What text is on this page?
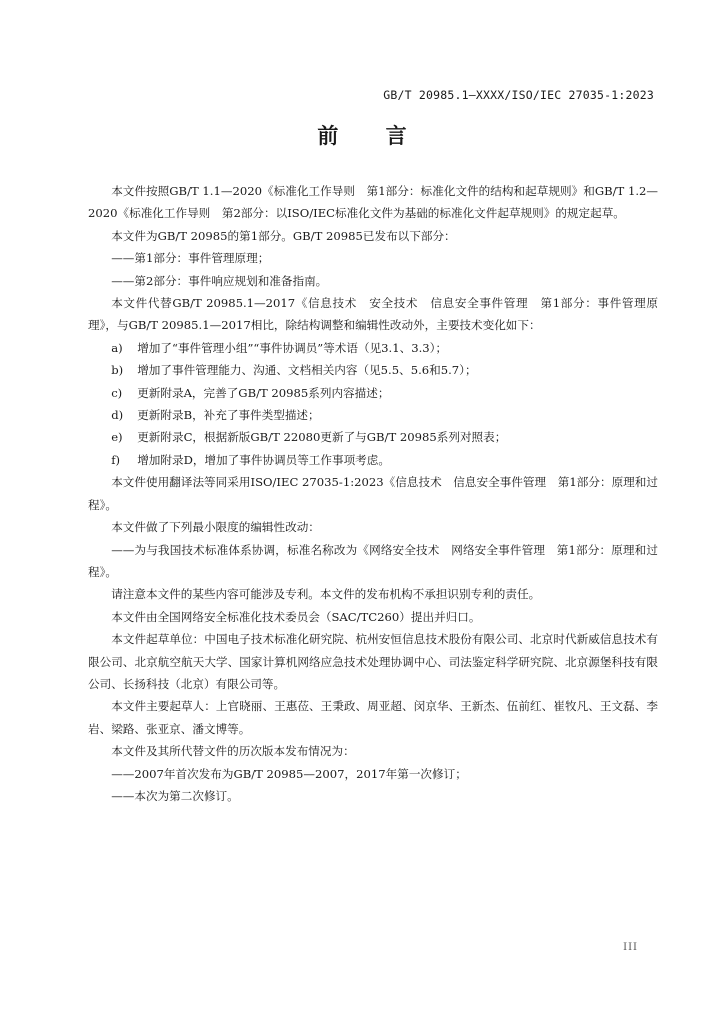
GB/T 20985.1—XXXX/ISO/IEC 27035-1:2023
前 言

本文件按照GB/T 1.1—2020《标准化工作导则　第1部分：标准化文件的结构和起草规则》和GB/T 1.2—2020《标准化工作导则　第2部分：以ISO/IEC标准化文件为基础的标准化文件起草规则》的规定起草。

本文件为GB/T 20985的第1部分。GB/T 20985已发布以下部分：

——第1部分：事件管理原理；

——第2部分：事件响应规划和准备指南。

本文件代替GB/T 20985.1—2017《信息技术　安全技术　信息安全事件管理　第1部分：事件管理原理》，与GB/T 20985.1—2017相比，除结构调整和编辑性改动外，主要技术变化如下：

a) 增加了“事件管理小组”“事件协调员”等术语（见3.1、3.3）；
b) 增加了事件管理能力、沟通、文档相关内容（见5.5、5.6和5.7）；
c) 更新附录A，完善了GB/T 20985系列内容描述；
d) 更新附录B，补充了事件类型描述；
e) 更新附录C，根据新版GB/T 22080更新了与GB/T 20985系列对照表；
f) 增加附录D，增加了事件协调员等工作事项考虑。

本文件使用翻译法等同采用ISO/IEC 27035-1:2023《信息技术　信息安全事件管理　第1部分：原理和过程》。

本文件做了下列最小限度的编辑性改动：

——为与我国技术标准体系协调，标准名称改为《网络安全技术　网络安全事件管理　第1部分：原理和过程》。

请注意本文件的某些内容可能涉及专利。本文件的发布机构不承担识别专利的责任。

本文件由全国网络安全标准化技术委员会（SAC/TC260）提出并归口。

本文件起草单位：中国电子技术标准化研究院、杭州安恒信息技术股份有限公司、北京时代新威信息技术有限公司、北京航空航天大学、国家计算机网络应急技术处理协调中心、司法鉴定科学研究院、北京源堡科技有限公司、长扬科技（北京）有限公司等。

本文件主要起草人：上官晓丽、王惠莅、王秉政、周亚超、闵京华、王新杰、伍前红、崔牧凡、王文磊、李岩、梁路、张亚京、潘文博等。

本文件及其所代替文件的历次版本发布情况为：

——2007年首次发布为GB/T 20985—2007，2017年第一次修订；

——本次为第二次修订。

III
